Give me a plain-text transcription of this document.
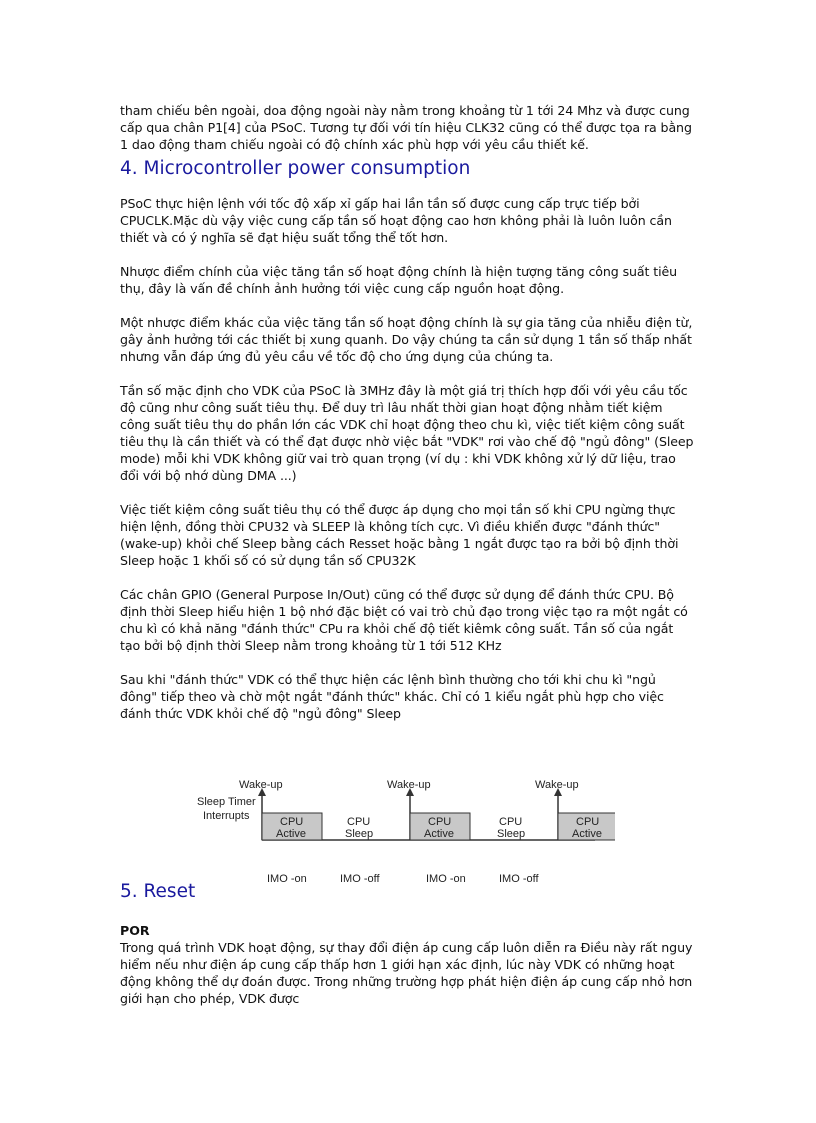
tham chiếu bên ngoài, doa động ngoài này nằm trong khoảng từ 1 tới 24 Mhz và được cung cấp qua chân P1[4] của PSoC. Tương tự đối với tín hiệu CLK32 cũng có thể được tọa ra bằng 1 dao động tham chiếu ngoài có độ chính xác phù hợp với yêu cầu thiết kế.

4. Microcontroller power consumption

PSoC thực hiện lệnh với tốc độ xấp xỉ gấp hai lần tần số được cung cấp trực tiếp bởi CPUCLK.Mặc dù vậy việc cung cấp tần số hoạt động cao hơn không phải là luôn luôn cần thiết và có ý nghĩa sẽ đạt hiệu suất tổng thể tốt hơn.

Nhược điểm chính của việc tăng tần số hoạt động chính là hiện tượng tăng công suất tiêu thụ, đây là vấn đề chính ảnh hưởng tới việc cung cấp nguồn hoạt động.

Một nhược điểm khác của việc tăng tần số hoạt động chính là sự gia tăng của nhiễu điện từ, gây ảnh hưởng tới các thiết bị xung quanh. Do vậy chúng ta cần sử dụng 1 tần số thấp nhất nhưng vẫn đáp ứng đủ yêu cầu về tốc độ cho ứng dụng của chúng ta.

Tần số mặc định cho VDK của PSoC là 3MHz đây là một giá trị thích hợp đối với yêu cầu tốc độ cũng như công suất tiêu thụ. Để duy trì lâu nhất thời gian hoạt động nhằm tiết kiệm công suất tiêu thụ do phần lớn các VDK chỉ hoạt động theo chu kì, việc tiết kiệm công suất tiêu thụ là cần thiết và có thể đạt được nhờ việc bắt "VDK" rơi vào chế độ "ngủ đông" (Sleep mode) mỗi khi VDK không giữ vai trò quan trọng (ví dụ : khi VDK không xử lý dữ liệu, trao đổi với bộ nhớ dùng DMA ...)

Việc tiết kiệm công suất tiêu thụ có thể được áp dụng cho mọi tần số khi CPU ngừng thực hiện lệnh, đồng thời CPU32 và SLEEP là không tích cực. Vì điều khiển được "đánh thức" (wake-up) khỏi chế Sleep bằng cách Resset hoặc bằng 1 ngắt được tạo ra bởi bộ định thời Sleep hoặc 1 khối số có sử dụng tần số CPU32K

Các chân GPIO (General Purpose In/Out) cũng có thể được sử dụng để đánh thức CPU. Bộ định thời Sleep hiểu hiện 1 bộ nhớ đặc biệt có vai trò chủ đạo trong việc tạo ra một ngắt có chu kì có khả năng "đánh thức" CPu ra khỏi chế độ tiết kiêmk công suất. Tần số của ngắt tạo bởi bộ định thời Sleep nằm trong khoảng từ 1 tới 512 KHz

Sau khi "đánh thức" VDK có thể thực hiện các lệnh bình thường cho tới khi chu kì "ngủ đông" tiếp theo và chờ một ngắt "đánh thức" khác. Chỉ có 1 kiểu ngắt phù hợp cho việc đánh thức VDK khỏi chế độ "ngủ đông" Sleep

Sleep Timer
Interrupts
Wake-up	Wake-up	Wake-up
CPU
Active
CPU
Sleep
CPU
Active
CPU
Sleep
CPU
Active
IMO -on	IMO -off	IMO -on	IMO -off
5. Reset
POR

Trong quá trình VDK hoạt động, sự thay đổi điện áp cung cấp luôn diễn ra Điều này rất nguy hiểm nếu như điện áp cung cấp thấp hơn 1 giới hạn xác định, lúc này VDK có những hoạt động không thể dự đoán được. Trong những trường hợp phát hiện điện áp cung cấp nhỏ hơn giới hạn cho phép, VDK được
